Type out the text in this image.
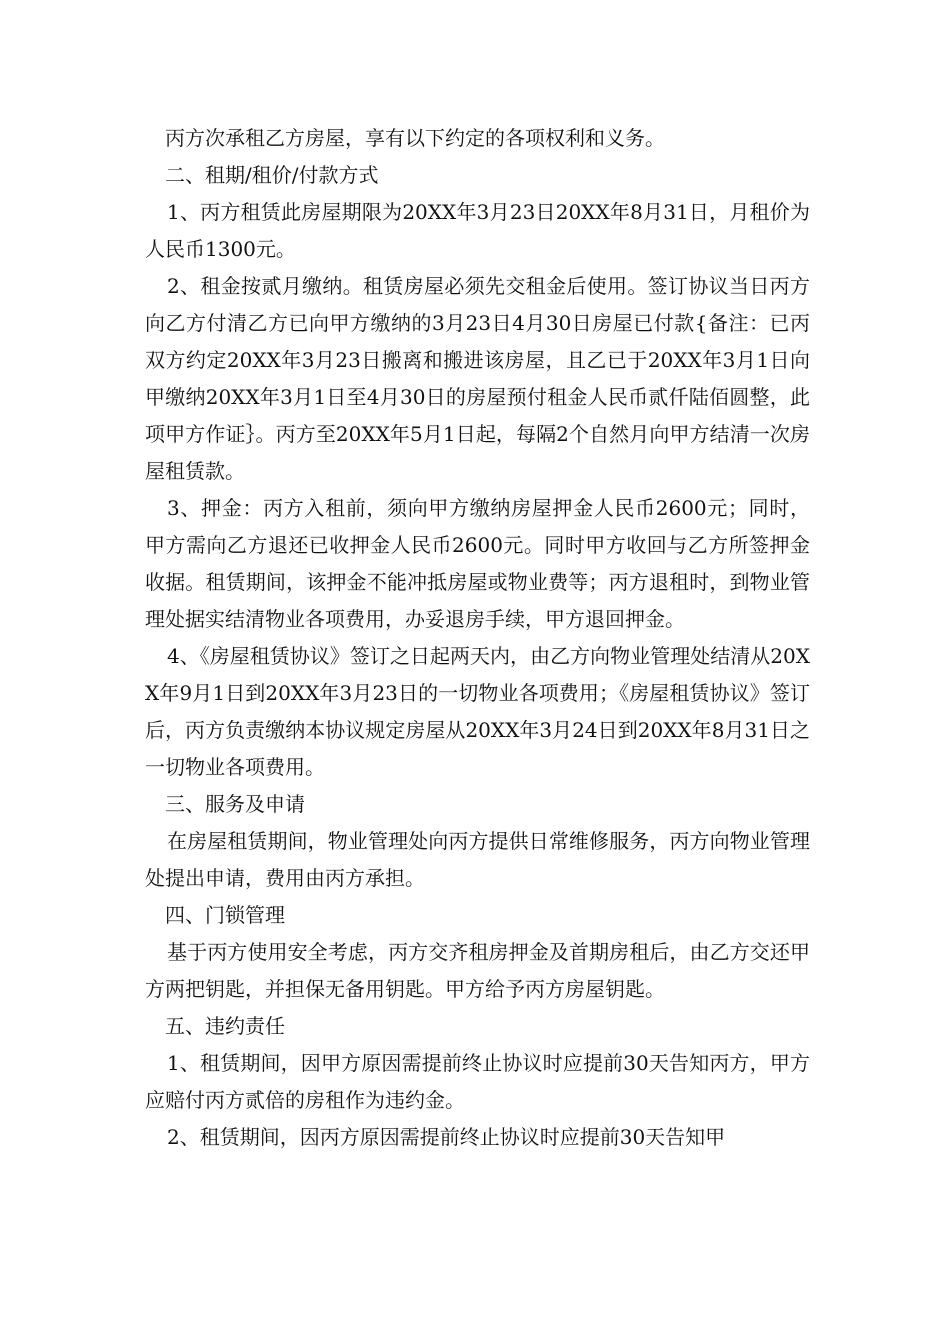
丙方次承租乙方房屋，享有以下约定的各项权利和义务。

二、租期/租价/付款方式

1、丙方租赁此房屋期限为20XX年3月23日20XX年8月31日，月租价为人民币1300元。

2、租金按贰月缴纳。租赁房屋必须先交租金后使用。签订协议当日丙方向乙方付清乙方已向甲方缴纳的3月23日4月30日房屋已付款{备注：已丙双方约定20XX年3月23日搬离和搬进该房屋，且乙已于20XX年3月1日向甲缴纳20XX年3月1日至4月30日的房屋预付租金人民币贰仟陆佰圆整，此项甲方作证｝。丙方至20XX年5月1日起，每隔2个自然月向甲方结清一次房屋租赁款。

3、押金：丙方入租前，须向甲方缴纳房屋押金人民币2600元；同时，甲方需向乙方退还已收押金人民币2600元。同时甲方收回与乙方所签押金收据。租赁期间，该押金不能冲抵房屋或物业费等；丙方退租时，到物业管理处据实结清物业各项费用，办妥退房手续，甲方退回押金。

4、《房屋租赁协议》签订之日起两天内，由乙方向物业管理处结清从20XX年9月1日到20XX年3月23日的一切物业各项费用；《房屋租赁协议》签订后，丙方负责缴纳本协议规定房屋从20XX年3月24日到20XX年8月31日之一切物业各项费用。

三、服务及申请

在房屋租赁期间，物业管理处向丙方提供日常维修服务，丙方向物业管理处提出申请，费用由丙方承担。

四、门锁管理

基于丙方使用安全考虑，丙方交齐租房押金及首期房租后，由乙方交还甲方两把钥匙，并担保无备用钥匙。甲方给予丙方房屋钥匙。

五、违约责任

1、租赁期间，因甲方原因需提前终止协议时应提前30天告知丙方，甲方应赔付丙方贰倍的房租作为违约金。

2、租赁期间，因丙方原因需提前终止协议时应提前30天告知甲
